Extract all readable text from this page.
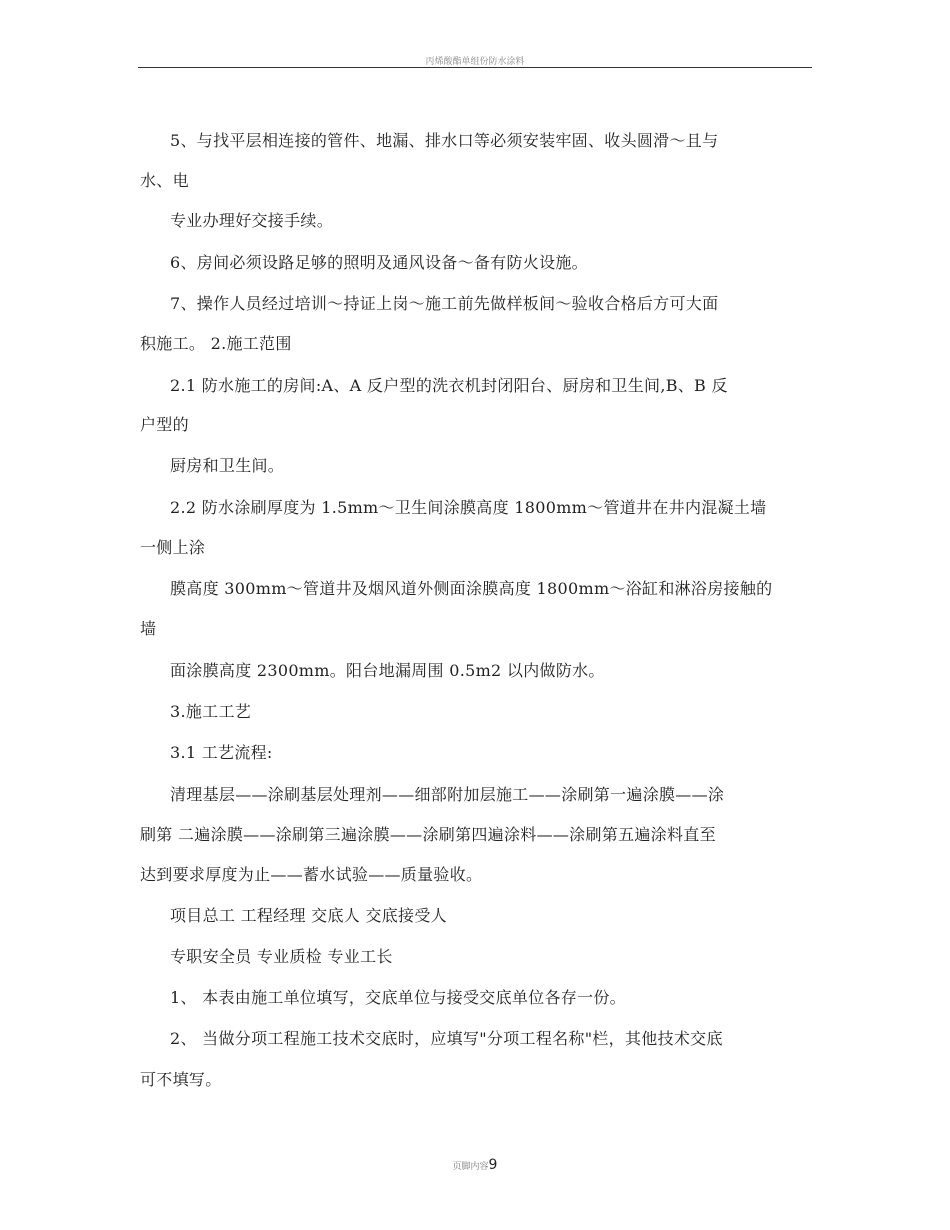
丙烯酸酯单组份防水涂料
5、与找平层相连接的管件、地漏、排水口等必须安装牢固、收头圆滑～且与
水、电
专业办理好交接手续。
6、房间必须设路足够的照明及通风设备～备有防火设施。
7、操作人员经过培训～持证上岗～施工前先做样板间～验收合格后方可大面
积施工。 2.施工范围
2.1 防水施工的房间:A、A 反户型的洗衣机封闭阳台、厨房和卫生间,B、B 反
户型的
厨房和卫生间。
2.2 防水涂刷厚度为 1.5mm～卫生间涂膜高度 1800mm～管道井在井内混凝土墙
一侧上涂
膜高度 300mm～管道井及烟风道外侧面涂膜高度 1800mm～浴缸和淋浴房接触的
墙
面涂膜高度 2300mm。阳台地漏周围 0.5m2 以内做防水。
3.施工工艺
3.1 工艺流程:
清理基层——涂刷基层处理剂——细部附加层施工——涂刷第一遍涂膜——涂
刷第 二遍涂膜——涂刷第三遍涂膜——涂刷第四遍涂料——涂刷第五遍涂料直至
达到要求厚度为止——蓄水试验——质量验收。
项目总工 工程经理 交底人 交底接受人
专职安全员 专业质检 专业工长
1、 本表由施工单位填写，交底单位与接受交底单位各存一份。
2、 当做分项工程施工技术交底时，应填写"分项工程名称"栏，其他技术交底
可不填写。
页脚内容9
